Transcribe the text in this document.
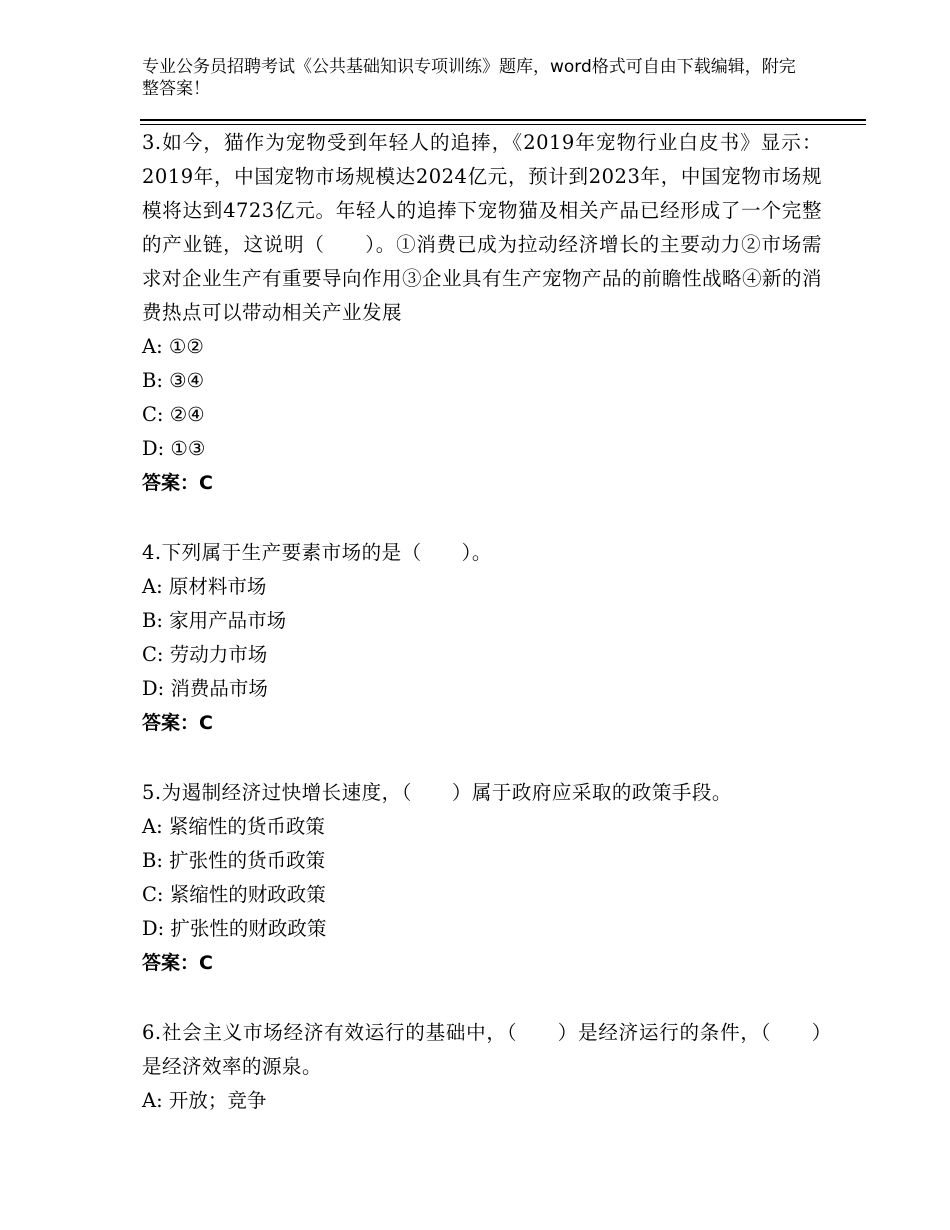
专业公务员招聘考试《公共基础知识专项训练》题库，word格式可自由下载编辑，附完整答案！
3.如今，猫作为宠物受到年轻人的追捧，《2019年宠物行业白皮书》显示：2019年，中国宠物市场规模达2024亿元，预计到2023年，中国宠物市场规模将达到4723亿元。年轻人的追捧下宠物猫及相关产品已经形成了一个完整的产业链，这说明（　　）。①消费已成为拉动经济增长的主要动力②市场需求对企业生产有重要导向作用③企业具有生产宠物产品的前瞻性战略④新的消费热点可以带动相关产业发展
A: ①②
B: ③④
C: ②④
D: ①③
答案：C
4.下列属于生产要素市场的是（　　）。
A: 原材料市场
B: 家用产品市场
C: 劳动力市场
D: 消费品市场
答案：C
5.为遏制经济过快增长速度，（　　）属于政府应采取的政策手段。
A: 紧缩性的货币政策
B: 扩张性的货币政策
C: 紧缩性的财政政策
D: 扩张性的财政政策
答案：C
6.社会主义市场经济有效运行的基础中，（　　）是经济运行的条件，（　　）是经济效率的源泉。
A: 开放；竞争
